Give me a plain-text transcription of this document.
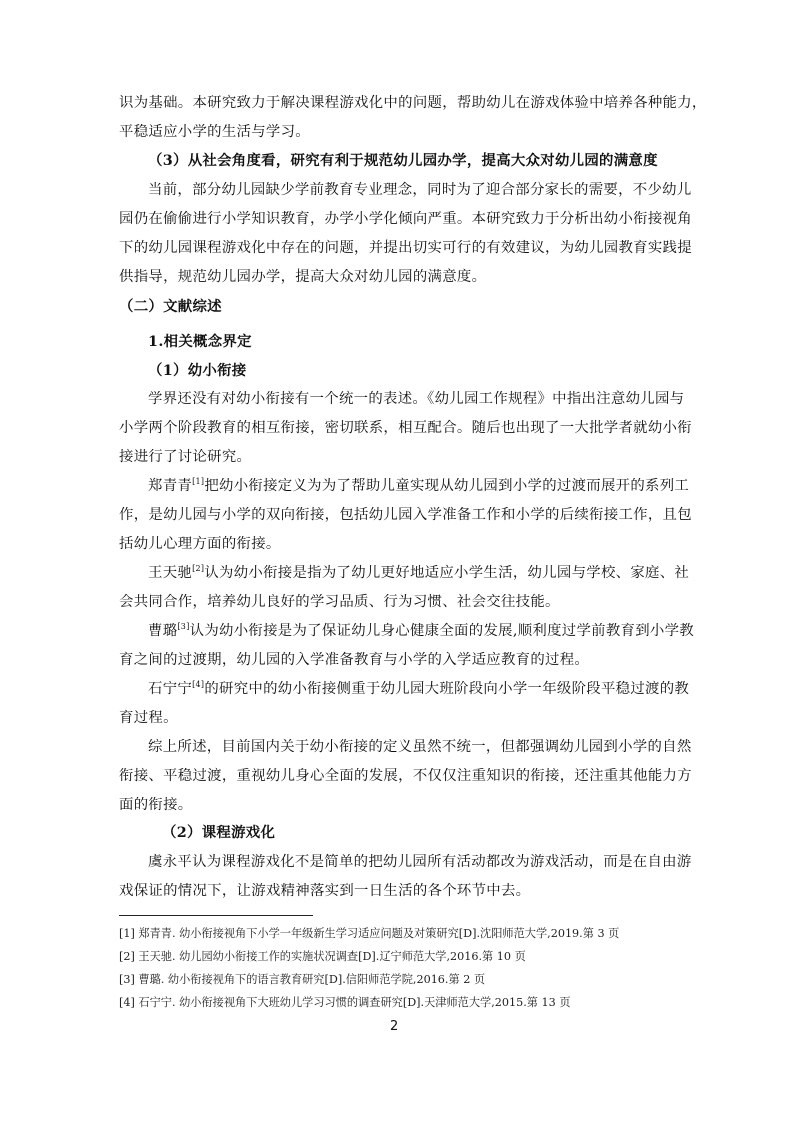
识为基础。本研究致力于解决课程游戏化中的问题，帮助幼儿在游戏体验中培养各种能力，
平稳适应小学的生活与学习。
（3）从社会角度看，研究有利于规范幼儿园办学，提高大众对幼儿园的满意度
当前，部分幼儿园缺少学前教育专业理念，同时为了迎合部分家长的需要，不少幼儿
园仍在偷偷进行小学知识教育，办学小学化倾向严重。本研究致力于分析出幼小衔接视角
下的幼儿园课程游戏化中存在的问题，并提出切实可行的有效建议，为幼儿园教育实践提
供指导，规范幼儿园办学，提高大众对幼儿园的满意度。
（二）文献综述
1.相关概念界定
（1）幼小衔接
学界还没有对幼小衔接有一个统一的表述。《幼儿园工作规程》中指出注意幼儿园与
小学两个阶段教育的相互衔接，密切联系，相互配合。随后也出现了一大批学者就幼小衔
接进行了讨论研究。
郑青青[1]把幼小衔接定义为为了帮助儿童实现从幼儿园到小学的过渡而展开的系列工
作，是幼儿园与小学的双向衔接，包括幼儿园入学准备工作和小学的后续衔接工作，且包
括幼儿心理方面的衔接。
王天驰[2]认为幼小衔接是指为了幼儿更好地适应小学生活，幼儿园与学校、家庭、社
会共同合作，培养幼儿良好的学习品质、行为习惯、社会交往技能。
曹璐[3]认为幼小衔接是为了保证幼儿身心健康全面的发展,顺利度过学前教育到小学教
育之间的过渡期，幼儿园的入学准备教育与小学的入学适应教育的过程。
石宁宁[4]的研究中的幼小衔接侧重于幼儿园大班阶段向小学一年级阶段平稳过渡的教
育过程。
综上所述，目前国内关于幼小衔接的定义虽然不统一，但都强调幼儿园到小学的自然
衔接、平稳过渡，重视幼儿身心全面的发展，不仅仅注重知识的衔接，还注重其他能力方
面的衔接。
（2）课程游戏化
虞永平认为课程游戏化不是简单的把幼儿园所有活动都改为游戏活动，而是在自由游
戏保证的情况下，让游戏精神落实到一日生活的各个环节中去。
[1] 郑青青. 幼小衔接视角下小学一年级新生学习适应问题及对策研究[D].沈阳师范大学,2019.第 3 页
[2] 王天驰. 幼儿园幼小衔接工作的实施状况调查[D].辽宁师范大学,2016.第 10 页
[3] 曹璐. 幼小衔接视角下的语言教育研究[D].信阳师范学院,2016.第 2 页
[4] 石宁宁. 幼小衔接视角下大班幼儿学习习惯的调查研究[D].天津师范大学,2015.第 13 页
2
